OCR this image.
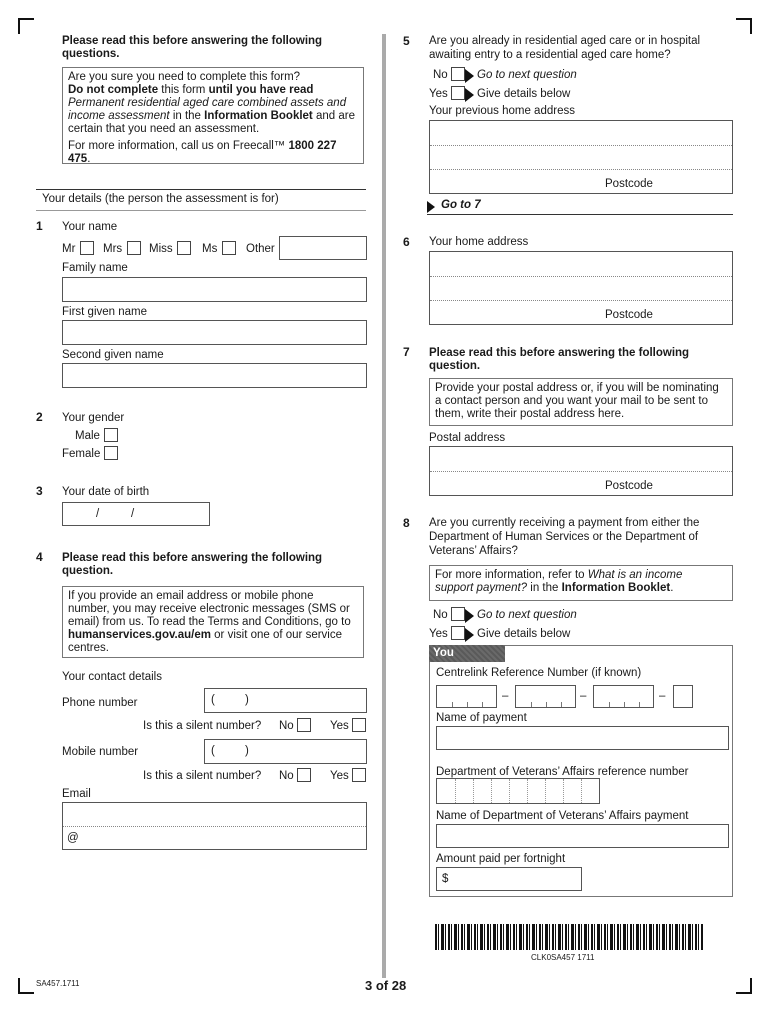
Please read this before answering the following questions.

Are you sure you need to complete this form?

Do not complete this form until you have read

Permanent residential aged care combined assets and

income assessment in the Information Booklet and are

certain that you need an assessment.

For more information, call us on Freecall™ 1800 227 475.

Your details (the person the assessment is for)
1 Your name
Mr Mrs Miss	Ms Other
Family name
First given name
Second given name
2 Your gender
Male
Female
3 Your date of birth
/	/
4 Please read this before answering the following question.

If you provide an email address or mobile phone

number, you may receive electronic messages (SMS or

email) from us. To read the Terms and Conditions, go to

humanservices.gov.au/em or visit one of our service

centres.

Your contact details
Phone number	(	)
Is this a silent number? No	Yes
Mobile number	(	)
Is this a silent number? No	Yes
Email
@
5 Are you already in residential aged care or in hospital
awaiting entry to a residential aged care home?
No	Go to next question
Yes	Give details below
Your previous home address
Postcode
Go to 7
6 Your home address
Postcode
7 Please read this before answering the following question.

Provide your postal address or, if you will be nominating

a contact person and you want your mail to be sent to

them, write their postal address here.

Postal address
Postcode
8 Are you currently receiving a payment from either the
Department of Human Services or the Department of
Veterans’ Affairs?

For more information, refer to What is an income

support payment? in the Information Booklet.

No	Go to next question
Yes	Give details below
You
Centrelink Reference Number (if known)
–	–	–
Name of payment
Department of Veterans’ Affairs reference number
Name of Department of Veterans’ Affairs payment
Amount paid per fortnight
$
CLK0SA457 1711
SA457.1711	3 of 28
